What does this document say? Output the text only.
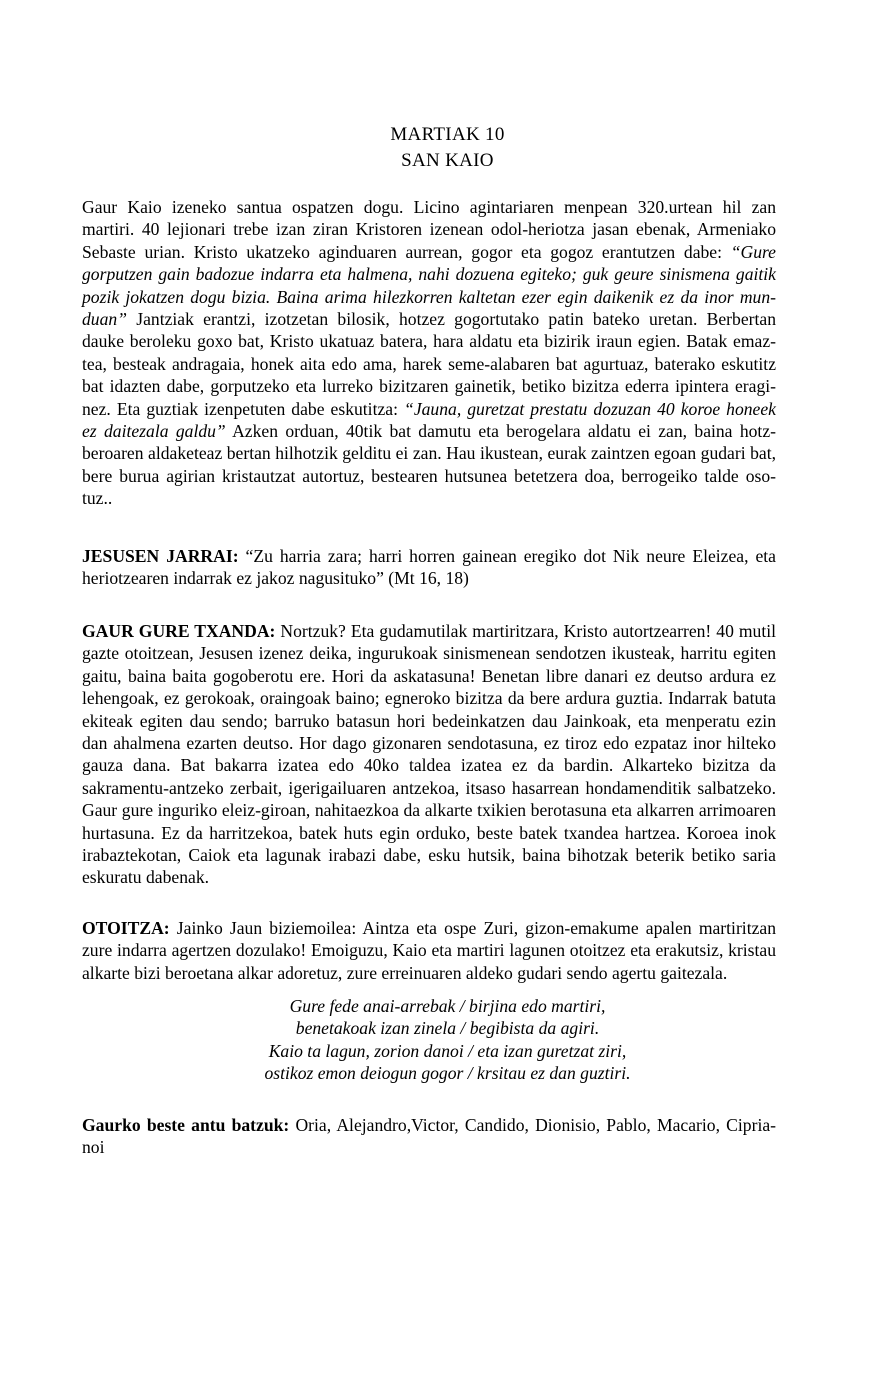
MARTIAK 10
SAN KAIO
Gaur Kaio izeneko santua ospatzen dogu. Licino agintariaren menpean 320.urtean hil zan
martiri. 40 lejionari trebe izan ziran Kristoren izenean odol-heriotza jasan ebenak, Armeniako
Sebaste urian. Kristo ukatzeko aginduaren aurrean, gogor eta gogoz erantutzen dabe: “Gure
gorputzen gain badozue indarra eta halmena, nahi dozuena egiteko; guk geure sinismena gaitik
pozik jokatzen dogu bizia. Baina arima hilezkorren kaltetan ezer egin daikenik ez da inor mun-
duan” Jantziak erantzi, izotzetan bilosik, hotzez gogortutako patin bateko uretan. Berbertan
dauke beroleku goxo bat, Kristo ukatuaz batera, hara aldatu eta bizirik iraun egien. Batak emaz-
tea, besteak andragaia, honek aita edo ama, harek seme-alabaren bat agurtuaz, baterako eskutitz
bat idazten dabe, gorputzeko eta lurreko bizitzaren gainetik, betiko bizitza ederra ipintera eragi-
nez. Eta guztiak izenpetuten dabe eskutitza: “Jauna, guretzat prestatu dozuzan 40 koroe honeek
ez daitezala galdu” Azken orduan, 40tik bat damutu eta berogelara aldatu ei zan, baina hotz-
beroaren aldaketeaz bertan hilhotzik gelditu ei zan. Hau ikustean, eurak zaintzen egoan gudari bat,
bere burua agirian kristautzat autortuz, bestearen hutsunea betetzera doa, berrogeiko talde oso-
tuz..
JESUSEN JARRAI: “Zu harria zara; harri horren gainean eregiko dot Nik neure Eleizea, eta
heriotzearen indarrak ez jakoz nagusituko” (Mt 16, 18)
GAUR GURE TXANDA: Nortzuk? Eta gudamutilak martiritzara, Kristo autortzearren! 40 mutil
gazte otoitzean, Jesusen izenez deika, ingurukoak sinismenean sendotzen ikusteak, harritu egiten
gaitu, baina baita gogoberotu ere. Hori da askatasuna! Benetan libre danari ez deutso ardura ez
lehengoak, ez gerokoak, oraingoak baino; egneroko bizitza da bere ardura guztia. Indarrak batuta
ekiteak egiten dau sendo; barruko batasun hori bedeinkatzen dau Jainkoak, eta menperatu ezin
dan ahalmena ezarten deutso. Hor dago gizonaren sendotasuna, ez tiroz edo ezpataz inor hilteko
gauza dana. Bat bakarra izatea edo 40ko taldea izatea ez da bardin. Alkarteko bizitza da
sakramentu-antzeko zerbait, igerigailuaren antzekoa, itsaso hasarrean hondamenditik salbatzeko.
Gaur gure inguriko eleiz-giroan, nahitaezkoa da alkarte txikien berotasuna eta alkarren arrimoaren
hurtasuna. Ez da harritzekoa, batek huts egin orduko, beste batek txandea hartzea. Koroea inok
irabaztekotan, Caiok eta lagunak irabazi dabe, esku hutsik, baina bihotzak beterik betiko saria
eskuratu dabenak.
OTOITZA: Jainko Jaun biziemoilea: Aintza eta ospe Zuri, gizon-emakume apalen martiritzan
zure indarra agertzen dozulako! Emoiguzu, Kaio eta martiri lagunen otoitzez eta erakutsiz, kristau
alkarte bizi beroetana alkar adoretuz, zure erreinuaren aldeko gudari sendo agertu gaitezala.
Gure fede anai-arrebak / birjina edo martiri,
benetakoak izan zinela / begibista da agiri.
Kaio ta lagun, zorion danoi / eta izan guretzat ziri,
ostikoz emon deiogun gogor / krsitau ez dan guztiri.
Gaurko beste antu batzuk: Oria, Alejandro,Victor, Candido, Dionisio, Pablo, Macario, Cipria-
noi
